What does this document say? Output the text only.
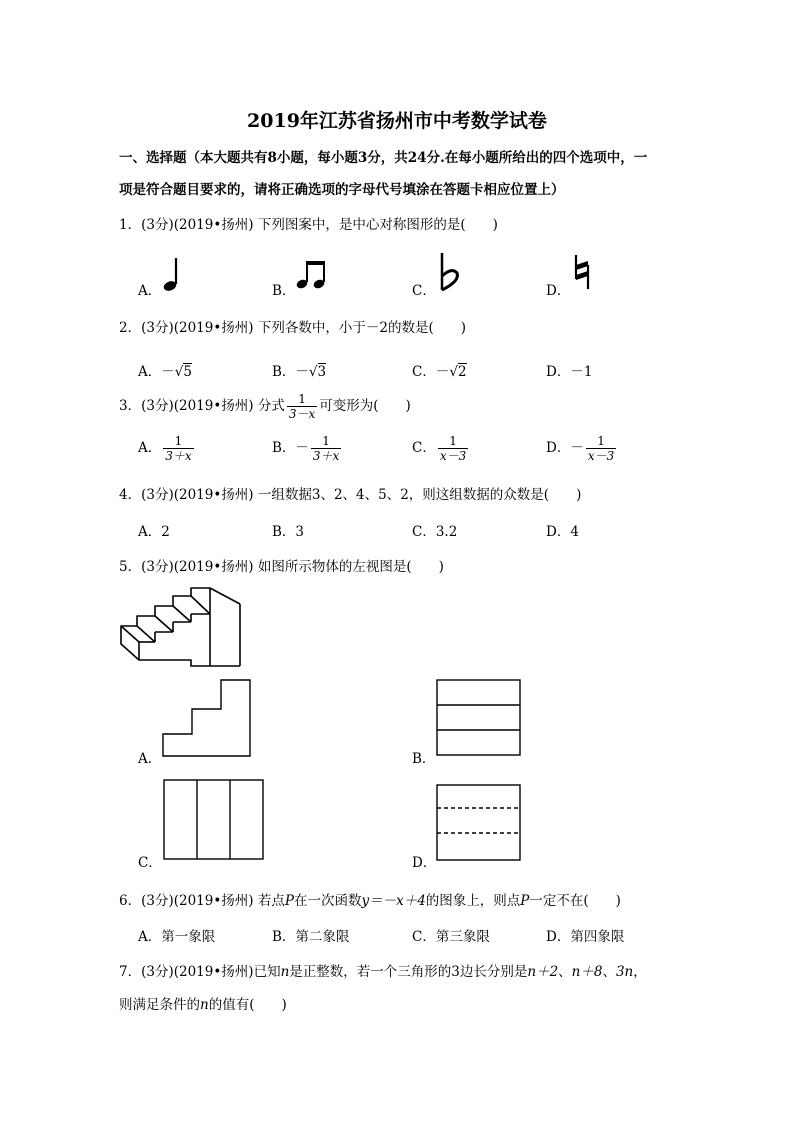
2019年江苏省扬州市中考数学试卷
一、选择题（本大题共有8小题，每小题3分，共24分.在每小题所给出的四个选项中，一
项是符合题目要求的，请将正确选项的字母代号填涂在答题卡相应位置上）
1．(3分)(2019•扬州) 下列图案中，是中心对称图形的是(　　)
A．	B．	C．	D．
2．(3分)(2019•扬州) 下列各数中，小于－2的数是(　　)
A．－√5	B．－√3	C．－√2	D．－1
3．(3分)(2019•扬州) 分式 $\frac{1}{3-x}$ 可变形为(　　)
A． $\frac{1}{3+x}$	B．－ $\frac{1}{3+x}$	C． $\frac{1}{x-3}$	D．－ $\frac{1}{x-3}$
4．(3分)(2019•扬州) 一组数据3、2、4、5、2，则这组数据的众数是(　　)
A．2	B．3	C．3.2	D．4
5．(3分)(2019•扬州) 如图所示物体的左视图是(　　)
A．	B．
C．	D．
6．(3分)(2019•扬州) 若点P在一次函数y＝－x＋4的图象上，则点P一定不在(　　)
A．第一象限	B．第二象限	C．第三象限	D．第四象限
7．(3分)(2019•扬州)已知n是正整数，若一个三角形的3边长分别是n＋2、n＋8、3n，
则满足条件的n的值有(　　)
